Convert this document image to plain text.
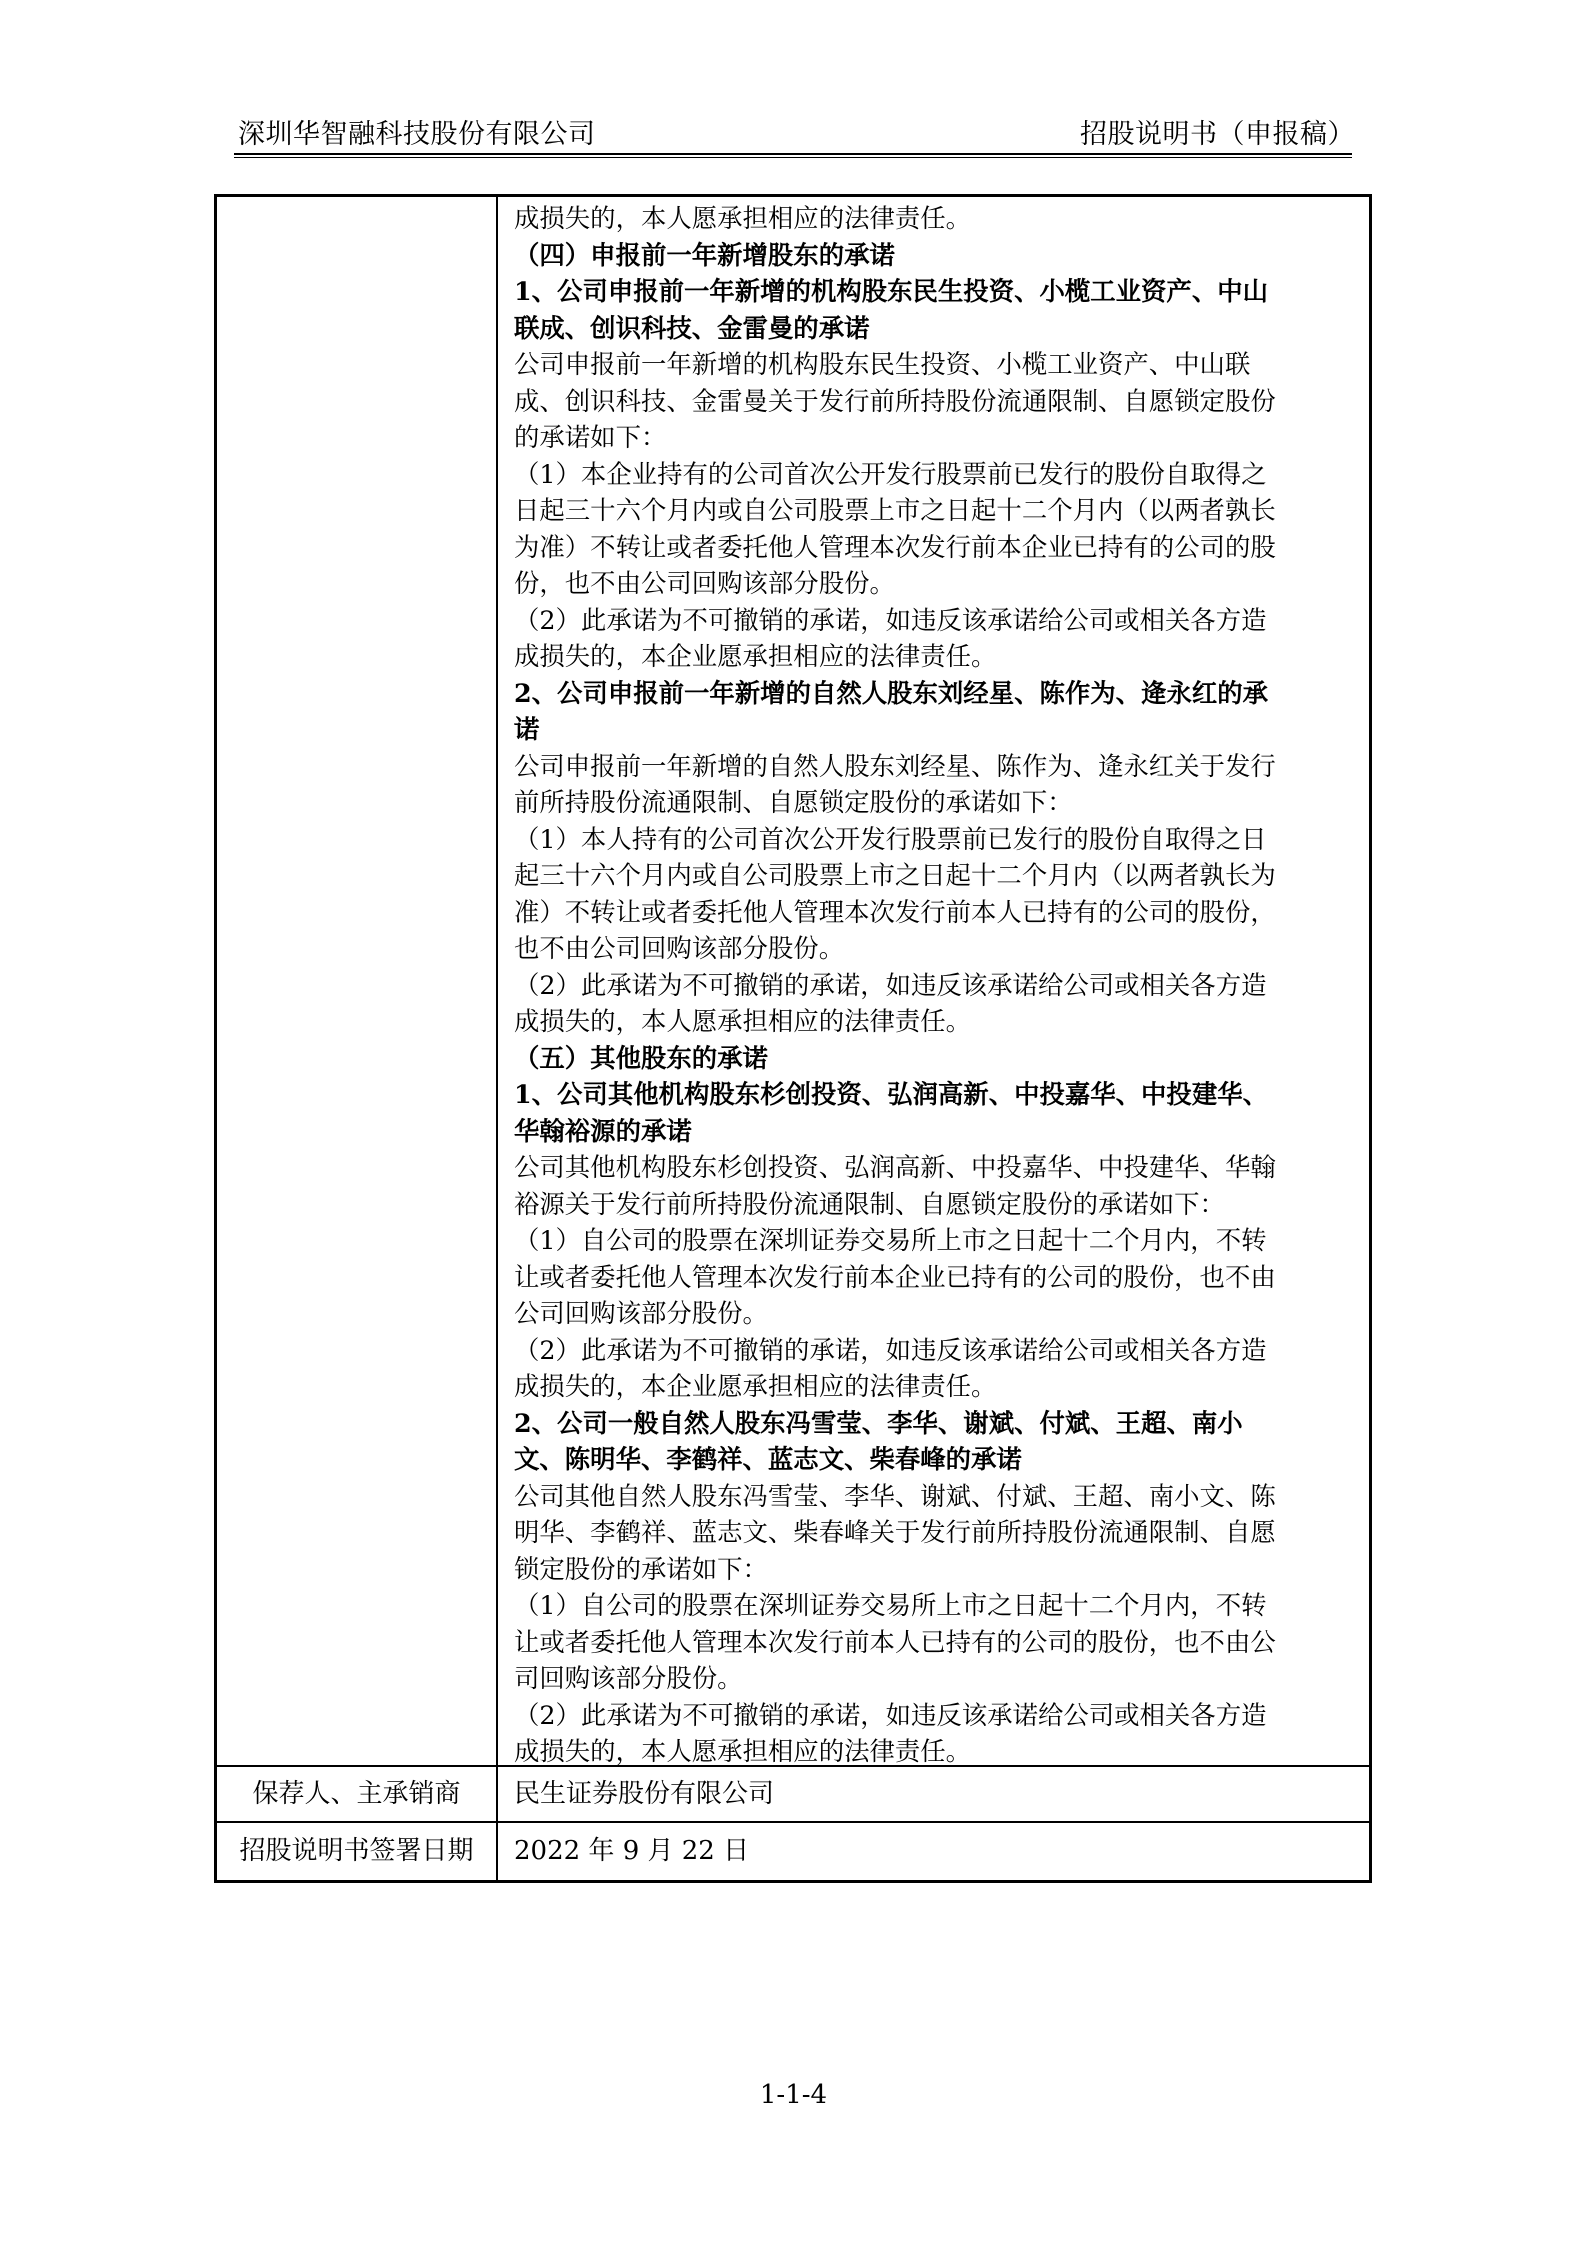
深圳华智融科技股份有限公司	招股说明书（申报稿）
成损失的，本人愿承担相应的法律责任。
（四）申报前一年新增股东的承诺
1、公司申报前一年新增的机构股东民生投资、小榄工业资产、中山
联成、创识科技、金雷曼的承诺
公司申报前一年新增的机构股东民生投资、小榄工业资产、中山联
成、创识科技、金雷曼关于发行前所持股份流通限制、自愿锁定股份
的承诺如下：
（1）本企业持有的公司首次公开发行股票前已发行的股份自取得之
日起三十六个月内或自公司股票上市之日起十二个月内（以两者孰长
为准）不转让或者委托他人管理本次发行前本企业已持有的公司的股
份，也不由公司回购该部分股份。
（2）此承诺为不可撤销的承诺，如违反该承诺给公司或相关各方造
成损失的，本企业愿承担相应的法律责任。
2、公司申报前一年新增的自然人股东刘经星、陈作为、逄永红的承
诺
公司申报前一年新增的自然人股东刘经星、陈作为、逄永红关于发行
前所持股份流通限制、自愿锁定股份的承诺如下：
（1）本人持有的公司首次公开发行股票前已发行的股份自取得之日
起三十六个月内或自公司股票上市之日起十二个月内（以两者孰长为
准）不转让或者委托他人管理本次发行前本人已持有的公司的股份，
也不由公司回购该部分股份。
（2）此承诺为不可撤销的承诺，如违反该承诺给公司或相关各方造
成损失的，本人愿承担相应的法律责任。
（五）其他股东的承诺
1、公司其他机构股东杉创投资、弘润高新、中投嘉华、中投建华、
华翰裕源的承诺
公司其他机构股东杉创投资、弘润高新、中投嘉华、中投建华、华翰
裕源关于发行前所持股份流通限制、自愿锁定股份的承诺如下：
（1）自公司的股票在深圳证券交易所上市之日起十二个月内，不转
让或者委托他人管理本次发行前本企业已持有的公司的股份，也不由
公司回购该部分股份。
（2）此承诺为不可撤销的承诺，如违反该承诺给公司或相关各方造
成损失的，本企业愿承担相应的法律责任。
2、公司一般自然人股东冯雪莹、李华、谢斌、付斌、王超、南小
文、陈明华、李鹤祥、蓝志文、柴春峰的承诺
公司其他自然人股东冯雪莹、李华、谢斌、付斌、王超、南小文、陈
明华、李鹤祥、蓝志文、柴春峰关于发行前所持股份流通限制、自愿
锁定股份的承诺如下：
（1）自公司的股票在深圳证券交易所上市之日起十二个月内，不转
让或者委托他人管理本次发行前本人已持有的公司的股份，也不由公
司回购该部分股份。
（2）此承诺为不可撤销的承诺，如违反该承诺给公司或相关各方造
成损失的，本人愿承担相应的法律责任。
保荐人、主承销商	民生证券股份有限公司
招股说明书签署日期	2022 年 9 月 22 日
1-1-4
